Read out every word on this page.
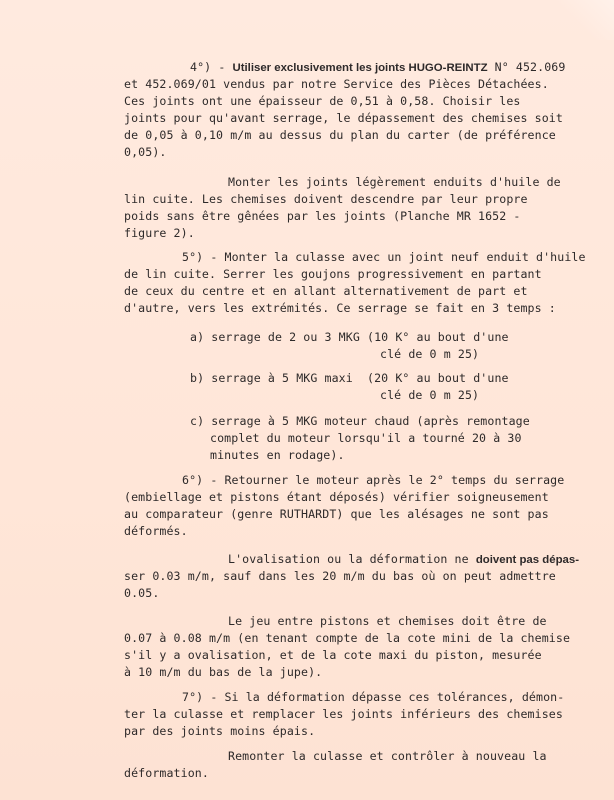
4°) - Utiliser exclusivement les joints HUGO-REINTZ N° 452.069
et 452.069/01 vendus par notre Service des Pièces Détachées.
Ces joints ont une épaisseur de 0,51 à 0,58. Choisir les
joints pour qu'avant serrage, le dépassement des chemises soit
de 0,05 à 0,10 m/m au dessus du plan du carter (de préférence
0,05).
Monter les joints légèrement enduits d'huile de
lin cuite. Les chemises doivent descendre par leur propre
poids sans être gênées par les joints (Planche MR 1652 -
figure 2).
5°) - Monter la culasse avec un joint neuf enduit d'huile
de lin cuite. Serrer les goujons progressivement en partant
de ceux du centre et en allant alternativement de part et
d'autre, vers les extrémités. Ce serrage se fait en 3 temps :
a) serrage de 2 ou 3 MKG (10 K° au bout d'une
clé de 0 m 25)
b) serrage à 5 MKG maxi  (20 K° au bout d'une
clé de 0 m 25)
c) serrage à 5 MKG moteur chaud (après remontage
complet du moteur lorsqu'il a tourné 20 à 30
minutes en rodage).
6°) - Retourner le moteur après le 2° temps du serrage
(embiellage et pistons étant déposés) vérifier soigneusement
au comparateur (genre RUTHARDT) que les alésages ne sont pas
déformés.
L'ovalisation ou la déformation ne doivent pas dépas-
ser 0.03 m/m, sauf dans les 20 m/m du bas où on peut admettre
0.05.
Le jeu entre pistons et chemises doit être de
0.07 à 0.08 m/m (en tenant compte de la cote mini de la chemise
s'il y a ovalisation, et de la cote maxi du piston, mesurée
à 10 m/m du bas de la jupe).
7°) - Si la déformation dépasse ces tolérances, démon-
ter la culasse et remplacer les joints inférieurs des chemises
par des joints moins épais.
Remonter la culasse et contrôler à nouveau la
déformation.
